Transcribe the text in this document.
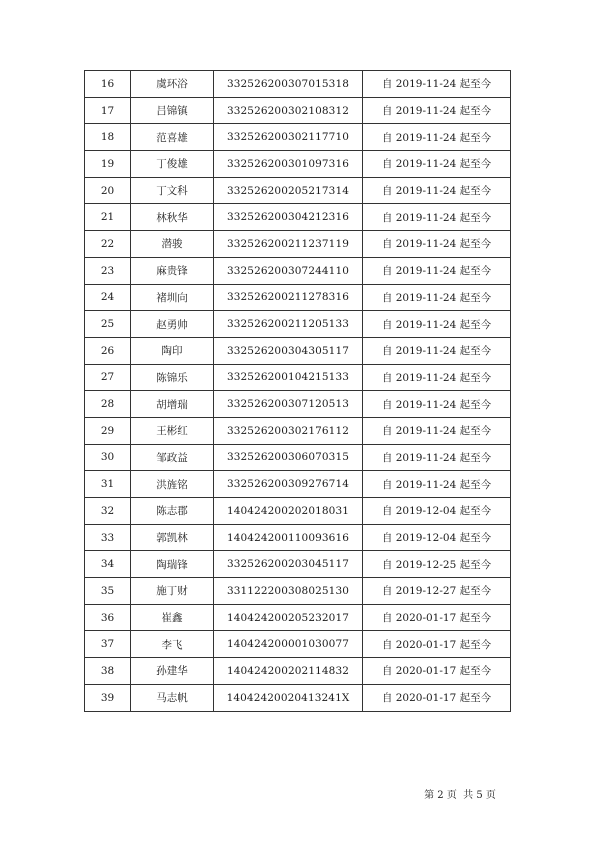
16	虞环浴	332526200307015318	自 2019-11-24 起至今
17	吕锦镇	332526200302108312	自 2019-11-24 起至今
18	范喜雄	332526200302117710	自 2019-11-24 起至今
19	丁俊雄	332526200301097316	自 2019-11-24 起至今
20	丁文科	332526200205217314	自 2019-11-24 起至今
21	林秋华	332526200304212316	自 2019-11-24 起至今
22	潜骏	332526200211237119	自 2019-11-24 起至今
23	麻贵锋	332526200307244110	自 2019-11-24 起至今
24	褚圳向	332526200211278316	自 2019-11-24 起至今
25	赵勇帅	332526200211205133	自 2019-11-24 起至今
26	陶印	332526200304305117	自 2019-11-24 起至今
27	陈锦乐	332526200104215133	自 2019-11-24 起至今
28	胡增瑞	332526200307120513	自 2019-11-24 起至今
29	王彬红	332526200302176112	自 2019-11-24 起至今
30	邹政益	332526200306070315	自 2019-11-24 起至今
31	洪旌铭	332526200309276714	自 2019-11-24 起至今
32	陈志郡	140424200202018031	自 2019-12-04 起至今
33	郭凯林	140424200110093616	自 2019-12-04 起至今
34	陶瑞锋	332526200203045117	自 2019-12-25 起至今
35	施丁财	331122200308025130	自 2019-12-27 起至今
36	崔鑫	140424200205232017	自 2020-01-17 起至今
37	李飞	140424200001030077	自 2020-01-17 起至今
38	孙建华	140424200202114832	自 2020-01-17 起至今
39	马志帆	14042420020413241X	自 2020-01-17 起至今
第 2 页  共 5 页
